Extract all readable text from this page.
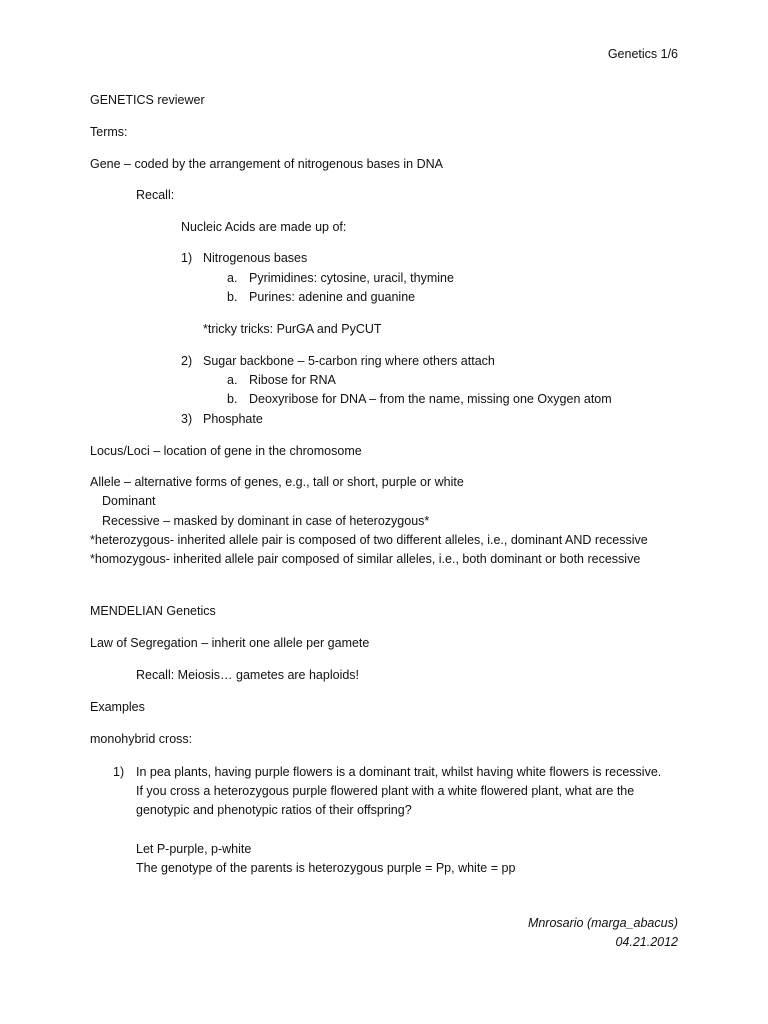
Genetics 1/6
GENETICS reviewer
Terms:
Gene – coded by the arrangement of nitrogenous bases in DNA
Recall:
Nucleic Acids are made up of:
1) Nitrogenous bases
a. Pyrimidines: cytosine, uracil, thymine
b. Purines: adenine and guanine
*tricky tricks: PurGA and PyCUT
2) Sugar backbone – 5-carbon ring where others attach
a. Ribose for RNA
b. Deoxyribose for DNA – from the name, missing one Oxygen atom
3) Phosphate
Locus/Loci – location of gene in the chromosome
Allele – alternative forms of genes, e.g., tall or short, purple or white
Dominant
Recessive – masked by dominant in case of heterozygous*
*heterozygous- inherited allele pair is composed of two different alleles, i.e., dominant AND recessive
*homozygous- inherited allele pair composed of similar alleles, i.e., both dominant or both recessive
MENDELIAN Genetics
Law of Segregation – inherit one allele per gamete
Recall: Meiosis… gametes are haploids!
Examples
monohybrid cross:
1) In pea plants, having purple flowers is a dominant trait, whilst having white flowers is recessive.
If you cross a heterozygous purple flowered plant with a white flowered plant, what are the
genotypic and phenotypic ratios of their offspring?
Let P-purple, p-white
The genotype of the parents is heterozygous purple = Pp, white = pp
Mnrosario (marga_abacus)
04.21.2012
